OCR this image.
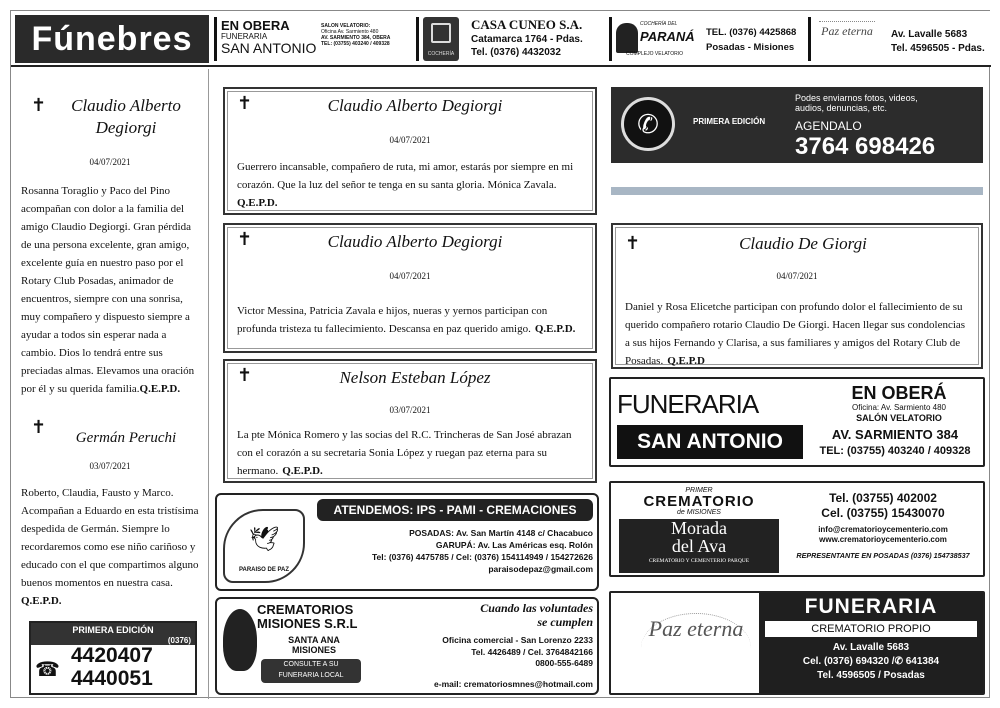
Fúnebres	EN OBERA
FUNERARIA
SAN ANTONIO
SALON VELATORIO:
Oficina Av. Sarmiento 480
AV. SARMIENTO 384, OBERA
TEL: (03755) 403240 / 409328
COCHERÍA
CASA CUNEO S.A.
Catamarca 1764 - Pdas.
Tel. (0376) 4432032
COCHERÍA DEL
PARANÁ
COMPLEJO VELATORIO
TEL. (0376) 4425868
Posadas - Misiones
Paz eterna Av. Lavalle 5683
Tel. 4596505 - Pdas.
✝	Claudio Alberto Degiorgi
04/07/2021
Rosanna Toraglio y Paco del Pino acompañan con dolor a la familia del amigo Claudio Degiorgi. Gran pérdida de una persona excelente, gran amigo, excelente guía en nuestro paso por el Rotary Club Posadas, animador de encuentros, siempre con una sonrisa, muy compañero y dispuesto siempre a ayudar a todos sin esperar nada a cambio. Dios lo tendrá entre sus preciadas almas. Elevamos una oración por él y su querida familia.Q.E.P.D.
✝	Germán Peruchi
03/07/2021
Roberto, Claudia, Fausto y Marco. Acompañan a Eduardo en esta tristísima despedida de Germán. Siempre lo recordaremos como ese niño cariñoso y educado con el que compartimos alguno buenos momentos en nuestra casa. Q.E.P.D.
PRIMERA EDICIÓN
(0376)
☎
4420407
4440051
✝	Claudio Alberto Degiorgi
04/07/2021
Guerrero incansable, compañero de ruta, mi amor, estarás por siempre en mi corazón. Que la luz del señor te tenga en su santa gloria. Mónica Zavala. Q.E.P.D.
✝	Claudio Alberto Degiorgi
04/07/2021
Victor Messina, Patricia Zavala e hijos, nueras y yernos participan con profunda tristeza tu fallecimiento. Descansa en paz querido amigo. Q.E.P.D.
✝	Nelson Esteban López
03/07/2021
La pte Mónica Romero y las socias del R.C. Trincheras de San José abrazan con el corazón a su secretaria Sonia López y ruegan paz eterna para su hermano. Q.E.P.D.
ATENDEMOS: IPS - PAMI - CREMACIONES
🕊
PARAISO DE PAZ
POSADAS: Av. San Martín 4148 c/ Chacabuco
GARUPÁ: Av. Las Américas esq. Rolón
Tel: (0376) 4475785 / Cel: (0376) 154114949 / 154272626
paraisodepaz@gmail.com
CREMATORIOS
MISIONES S.R.L
SANTA ANA
MISIONES
CONSULTE A SU
FUNERARIA LOCAL
Cuando las voluntades
se cumplen
Oficina comercial - San Lorenzo 2233
Tel. 4426489 / Cel. 3764842166
0800-555-6489
e-mail: crematoriosmnes@hotmail.com
✆	PRIMERA EDICIÓN
Podes enviarnos fotos, videos,
audios, denuncias, etc.
AGENDALO
3764 698426
✝	Claudio De Giorgi
04/07/2021
Daniel y Rosa Elicetche participan con profundo dolor el fallecimiento de su querido compañero rotario Claudio De Giorgi. Hacen llegar sus condolencias a sus hijos Fernando y Clarisa, a sus familiares y amigos del Rotary Club de Posadas. Q.E.P.D
FUNERARIA
SAN ANTONIO
EN OBERÁ
Oficina: Av. Sarmiento 480
SALÓN VELATORIO
AV. SARMIENTO 384
TEL: (03755) 403240 / 409328
PRIMER
CREMATORIO
de MISIONES
Morada
del Ava
CREMATORIO Y CEMENTERIO PARQUE
Tel. (03755) 402002
Cel. (03755) 15430070
info@crematorioycementerio.com
www.crematorioycementerio.com
REPRESENTANTE EN POSADAS (0376) 154738537
Paz eterna
FUNERARIA
CREMATORIO PROPIO
Av. Lavalle 5683
Cel. (0376) 694320 /✆ 641384
Tel. 4596505 / Posadas
